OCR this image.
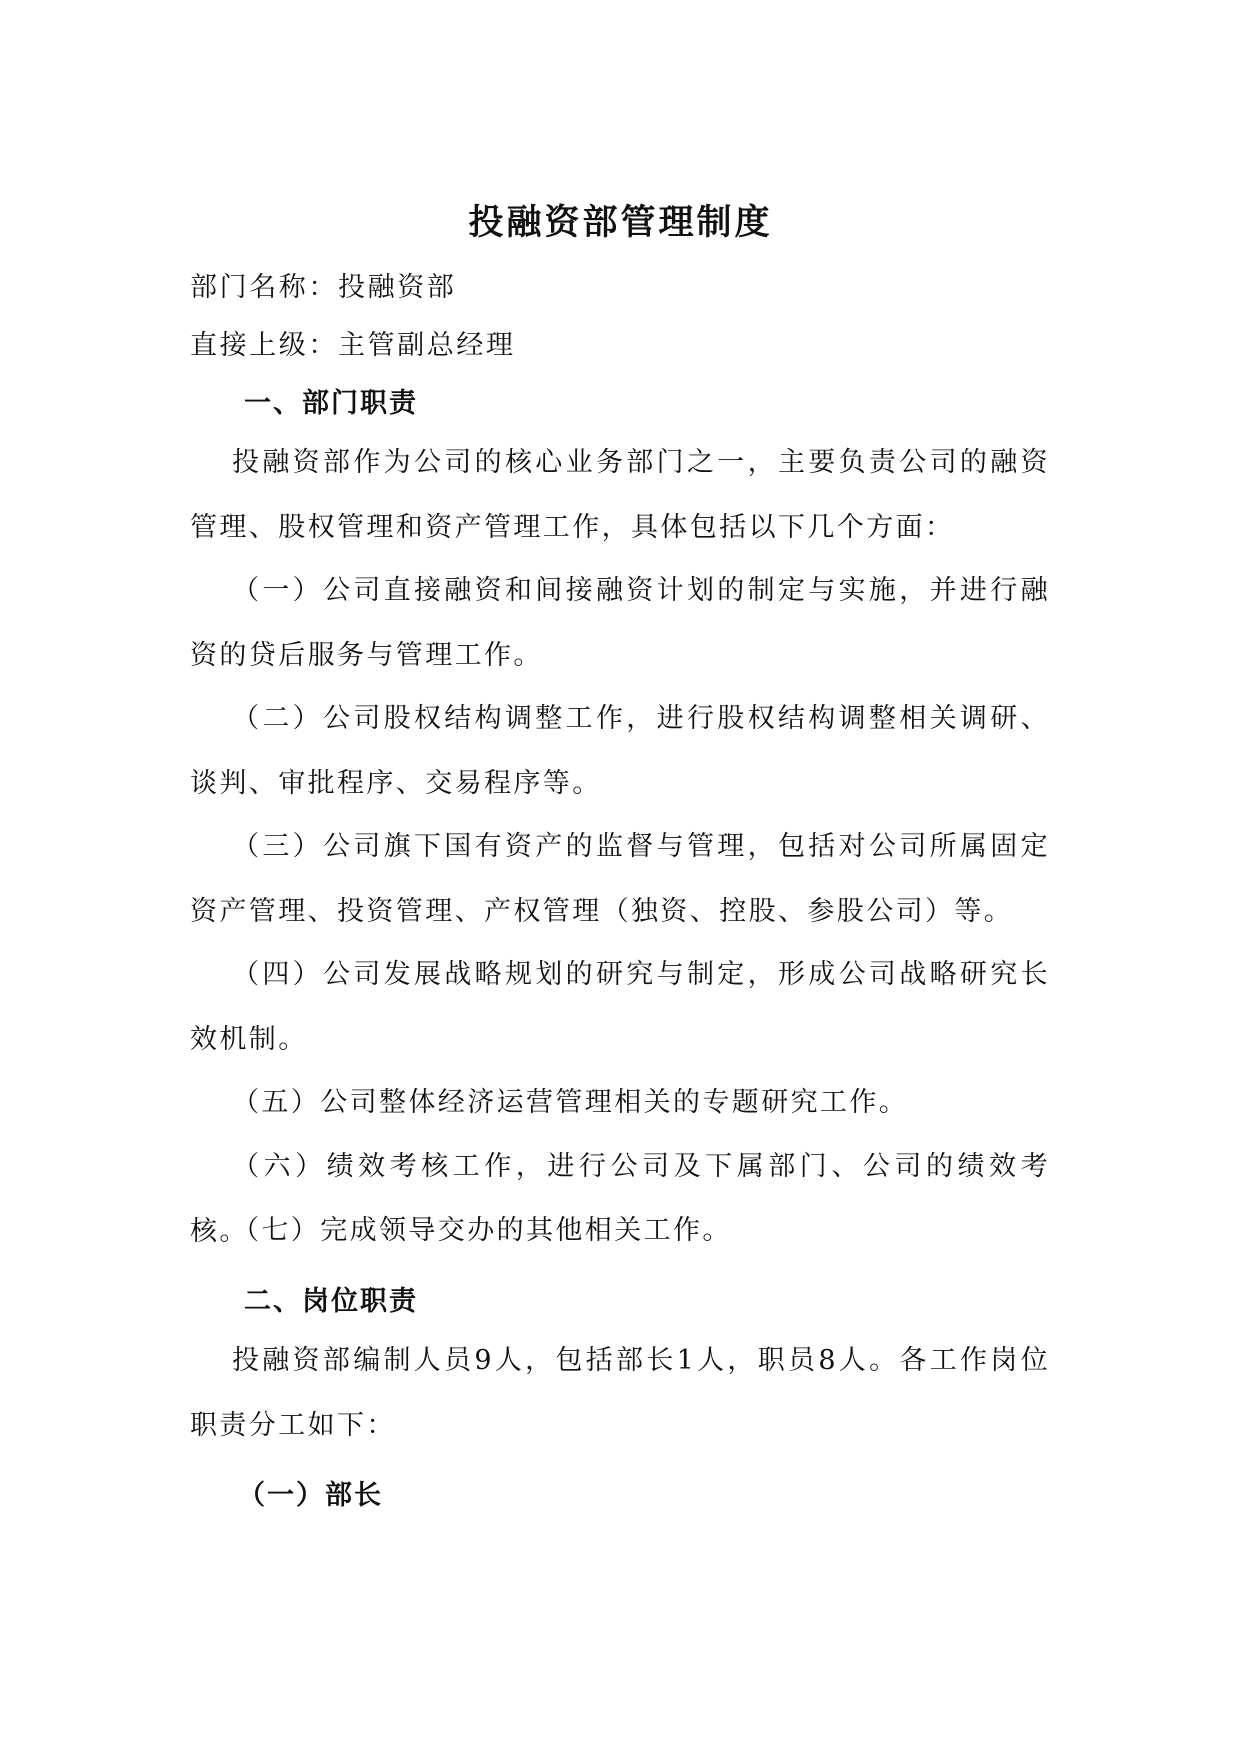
投融资部管理制度
部门名称：投融资部
直接上级：主管副总经理
一、部门职责
投融资部作为公司的核心业务部门之一，主要负责公司的融资管理、股权管理和资产管理工作，具体包括以下几个方面：
（一）公司直接融资和间接融资计划的制定与实施，并进行融资的贷后服务与管理工作。
（二）公司股权结构调整工作，进行股权结构调整相关调研、谈判、审批程序、交易程序等。
（三）公司旗下国有资产的监督与管理，包括对公司所属固定资产管理、投资管理、产权管理（独资、控股、参股公司）等。
（四）公司发展战略规划的研究与制定，形成公司战略研究长效机制。
（五）公司整体经济运营管理相关的专题研究工作。
（六）绩效考核工作，进行公司及下属部门、公司的绩效考核。
（七）完成领导交办的其他相关工作。
二、岗位职责
投融资部编制人员9人，包括部长1人，职员8人。各工作岗位职责分工如下：
（一）部长
